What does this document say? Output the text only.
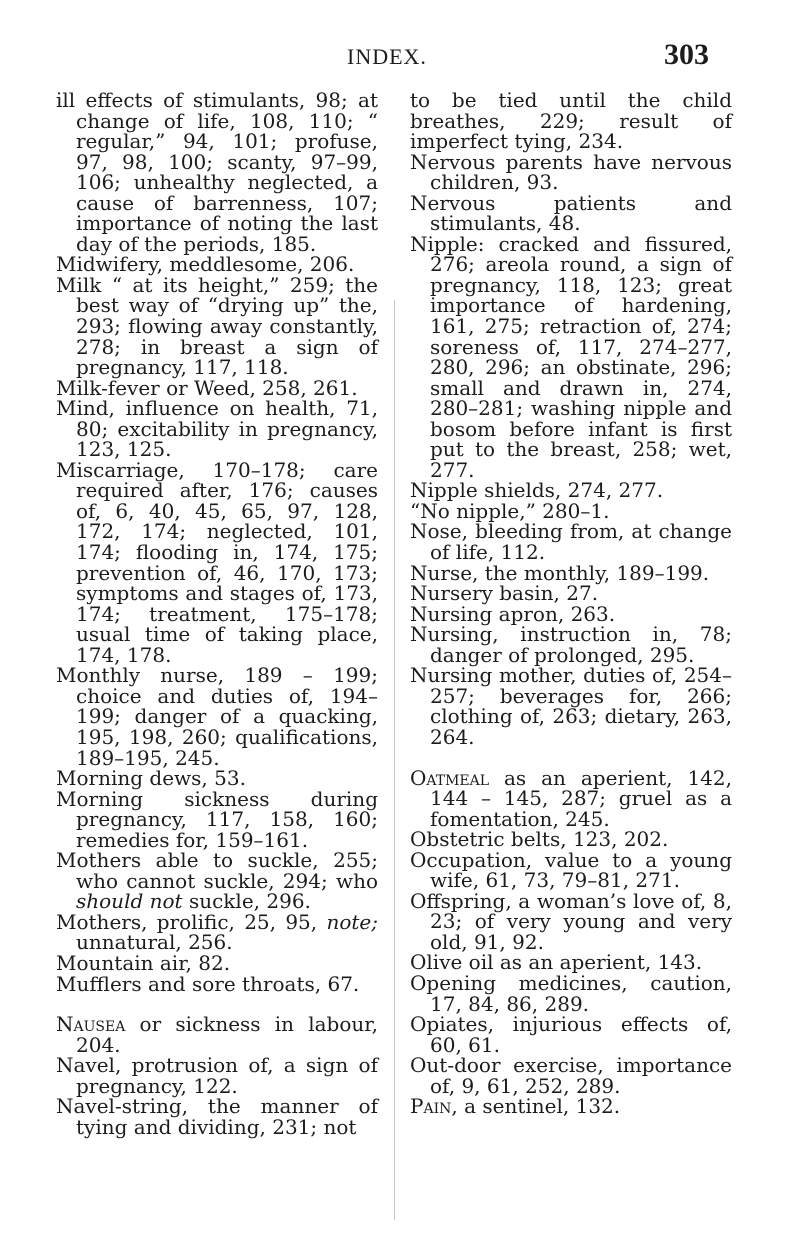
INDEX.	303

ill effects of stimulants, 98; at change of life, 108, 110; “ regular,” 94, 101; profuse, 97, 98, 100; scanty, 97–99, 106; unhealthy neglected, a cause of barrenness, 107; importance of noting the last day of the periods, 185.

Midwifery, meddlesome, 206.

Milk “ at its height,” 259; the best way of “drying up” the, 293; flowing away constantly, 278; in breast a sign of pregnancy, 117, 118.

Milk-fever or Weed, 258, 261.

Mind, influence on health, 71, 80; excitability in pregnancy, 123, 125.

Miscarriage, 170–178; care required after, 176; causes of, 6, 40, 45, 65, 97, 128, 172, 174; neglected, 101, 174; flooding in, 174, 175; prevention of, 46, 170, 173; symptoms and stages of, 173, 174; treatment, 175–178; usual time of taking place, 174, 178.

Monthly nurse, 189 – 199; choice and duties of, 194–199; danger of a quacking, 195, 198, 260; qualifications, 189–195, 245.

Morning dews, 53.

Morning sickness during pregnancy, 117, 158, 160; remedies for, 159–161.

Mothers able to suckle, 255; who cannot suckle, 294; who should not suckle, 296.

Mothers, prolific, 25, 95, note; unnatural, 256.

Mountain air, 82.

Mufflers and sore throats, 67.

Nausea or sickness in labour, 204.

Navel, protrusion of, a sign of pregnancy, 122.

Navel-string, the manner of tying and dividing, 231; not

to be tied until the child breathes, 229; result of imperfect tying, 234.

Nervous parents have nervous children, 93.

Nervous patients and stimulants, 48.

Nipple: cracked and fissured, 276; areola round, a sign of pregnancy, 118, 123; great importance of hardening, 161, 275; retraction of, 274; soreness of, 117, 274–277, 280, 296; an obstinate, 296; small and drawn in, 274, 280–281; washing nipple and bosom before infant is first put to the breast, 258; wet, 277.

Nipple shields, 274, 277.

“No nipple,” 280–1.

Nose, bleeding from, at change of life, 112.

Nurse, the monthly, 189–199.

Nursery basin, 27.

Nursing apron, 263.

Nursing, instruction in, 78; danger of prolonged, 295.

Nursing mother, duties of, 254–257; beverages for, 266; clothing of, 263; dietary, 263, 264.

Oatmeal as an aperient, 142, 144 – 145, 287; gruel as a fomentation, 245.

Obstetric belts, 123, 202.

Occupation, value to a young wife, 61, 73, 79–81, 271.

Offspring, a woman’s love of, 8, 23; of very young and very old, 91, 92.

Olive oil as an aperient, 143.

Opening medicines, caution, 17, 84, 86, 289.

Opiates, injurious effects of, 60, 61.

Out-door exercise, importance of, 9, 61, 252, 289.

Pain, a sentinel, 132.
